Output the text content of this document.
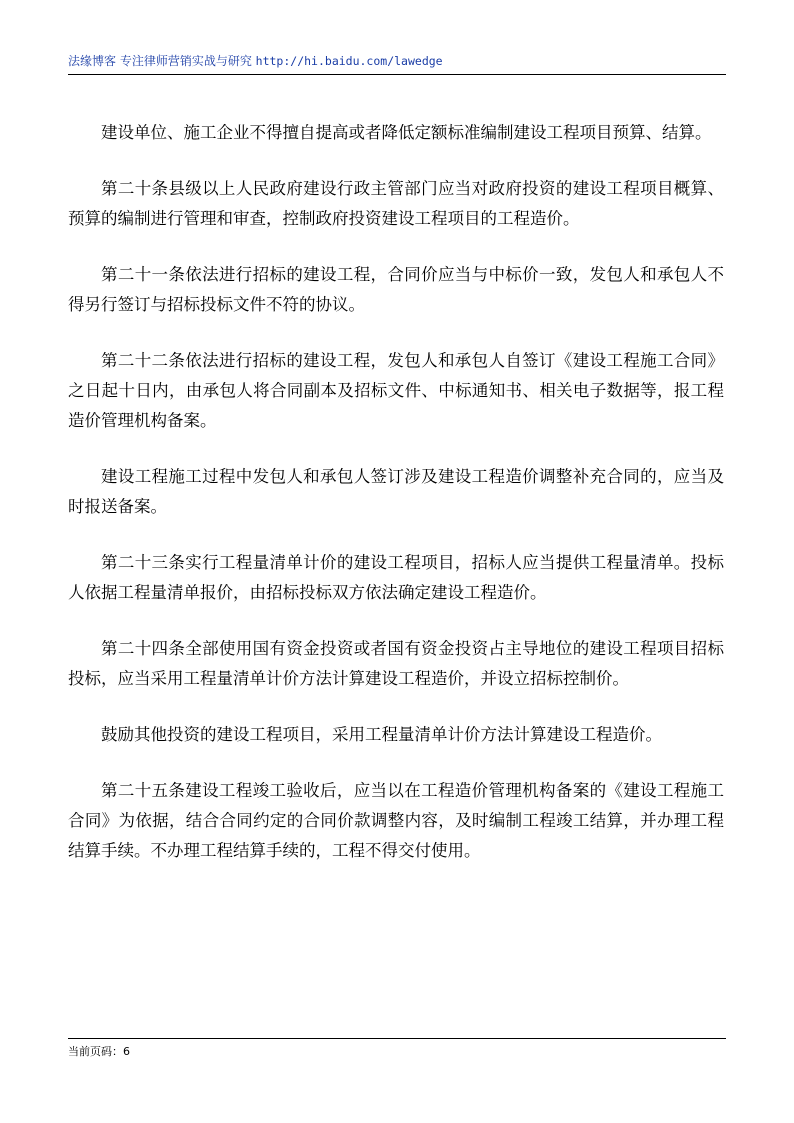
法缘博客 专注律师营销实战与研究 http://hi.baidu.com/lawedge

建设单位、施工企业不得擅自提高或者降低定额标准编制建设工程项目预算、结算。

第二十条县级以上人民政府建设行政主管部门应当对政府投资的建设工程项目概算、预算的编制进行管理和审查，控制政府投资建设工程项目的工程造价。

第二十一条依法进行招标的建设工程，合同价应当与中标价一致，发包人和承包人不得另行签订与招标投标文件不符的协议。

第二十二条依法进行招标的建设工程，发包人和承包人自签订《建设工程施工合同》之日起十日内，由承包人将合同副本及招标文件、中标通知书、相关电子数据等，报工程造价管理机构备案。

建设工程施工过程中发包人和承包人签订涉及建设工程造价调整补充合同的，应当及时报送备案。

第二十三条实行工程量清单计价的建设工程项目，招标人应当提供工程量清单。投标人依据工程量清单报价，由招标投标双方依法确定建设工程造价。

第二十四条全部使用国有资金投资或者国有资金投资占主导地位的建设工程项目招标投标，应当采用工程量清单计价方法计算建设工程造价，并设立招标控制价。

鼓励其他投资的建设工程项目，采用工程量清单计价方法计算建设工程造价。

第二十五条建设工程竣工验收后，应当以在工程造价管理机构备案的《建设工程施工合同》为依据，结合合同约定的合同价款调整内容，及时编制工程竣工结算，并办理工程结算手续。不办理工程结算手续的，工程不得交付使用。

当前页码：6
